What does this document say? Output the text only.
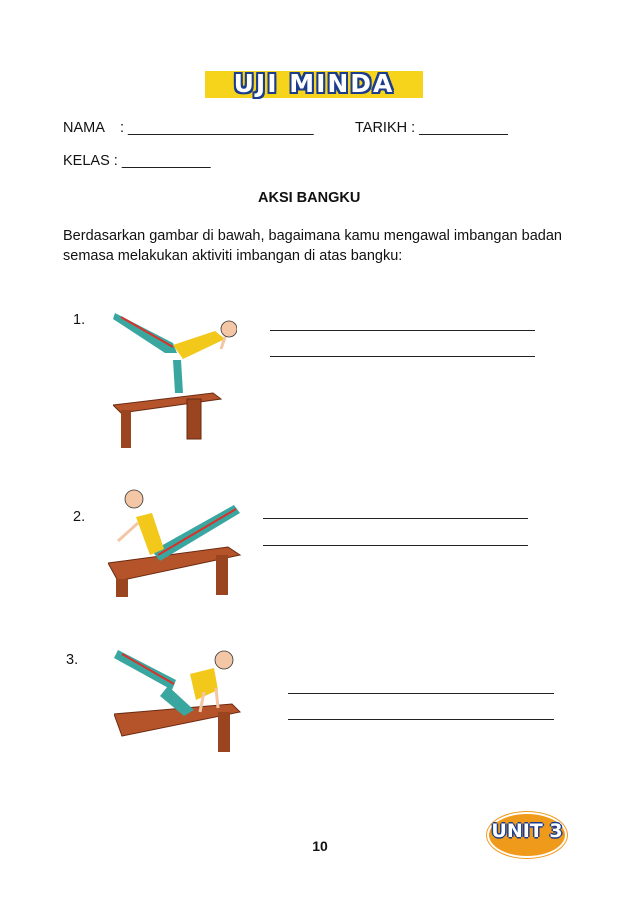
UJI MINDA
NAMA : _______________________	TARIKH : ___________
KELAS : ___________
AKSI BANGKU
Berdasarkan gambar di bawah, bagaimana kamu mengawal imbangan badan semasa melakukan aktiviti imbangan di atas bangku:
1.
2.
3.
10
UNIT 3
